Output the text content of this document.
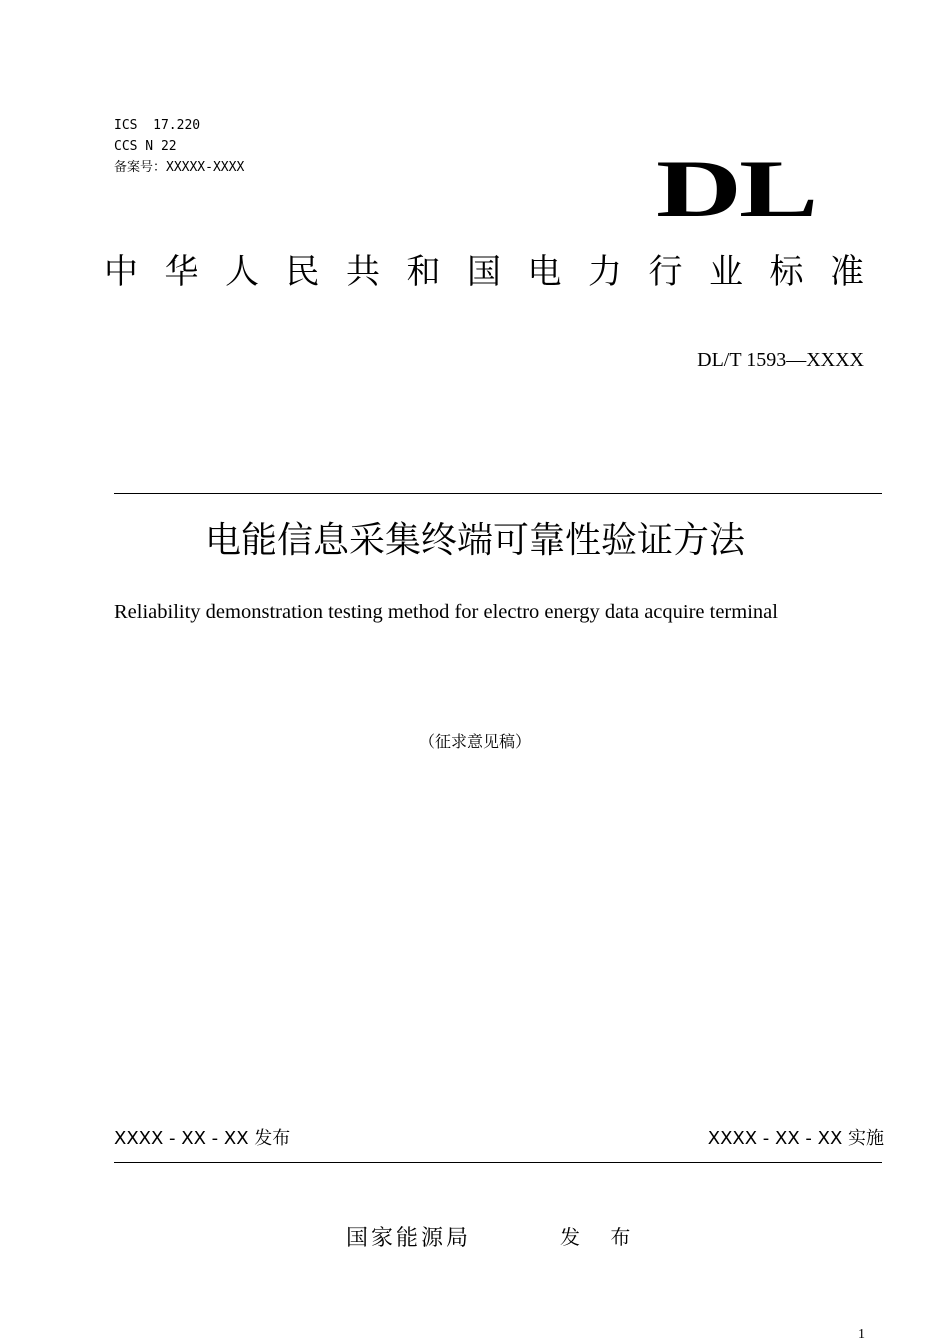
ICS  17.220
CCS N 22
备案号：XXXXX-XXXX	DL
中华人民共和国电力行业标准
DL/T 1593—XXXX
电能信息采集终端可靠性验证方法
Reliability demonstration testing method for electro energy data acquire terminal
（征求意见稿）
XXXX - XX - XX 发布	XXXX - XX - XX 实施
国家能源局	发 布
1
